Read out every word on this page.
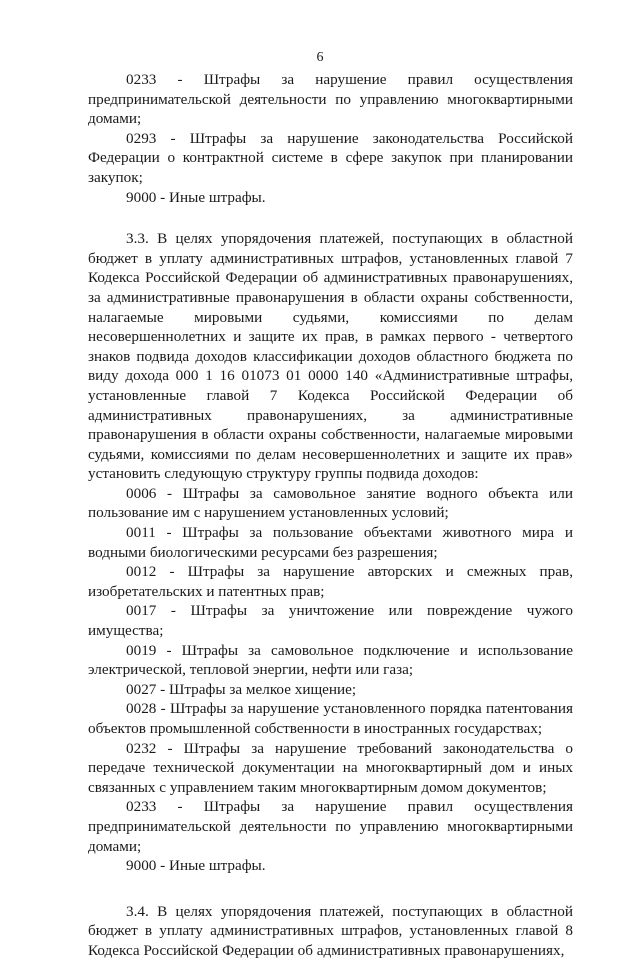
6

0233 - Штрафы за нарушение правил осуществления предпринимательской деятельности по управлению многоквартирными домами;

0293 - Штрафы за нарушение законодательства Российской Федерации о контрактной системе в сфере закупок при планировании закупок;

9000 - Иные штрафы.

3.3. В целях упорядочения платежей, поступающих в областной бюджет в уплату административных штрафов, установленных главой 7 Кодекса Российской Федерации об административных правонарушениях, за административные правонарушения в области охраны собственности, налагаемые мировыми судьями, комиссиями по делам несовершеннолетних и защите их прав, в рамках первого - четвертого знаков подвида доходов классификации доходов областного бюджета по виду дохода 000 1 16 01073 01 0000 140 «Административные штрафы, установленные главой 7 Кодекса Российской Федерации об административных правонарушениях, за административные правонарушения в области охраны собственности, налагаемые мировыми судьями, комиссиями по делам несовершеннолетних и защите их прав» установить следующую структуру группы подвида доходов:

0006 - Штрафы за самовольное занятие водного объекта или пользование им с нарушением установленных условий;

0011 - Штрафы за пользование объектами животного мира и водными биологическими ресурсами без разрешения;

0012 - Штрафы за нарушение авторских и смежных прав, изобретательских и патентных прав;

0017 - Штрафы за уничтожение или повреждение чужого имущества;

0019 - Штрафы за самовольное подключение и использование электрической, тепловой энергии, нефти или газа;

0027 - Штрафы за мелкое хищение;

0028 - Штрафы за нарушение установленного порядка патентования объектов промышленной собственности в иностранных государствах;

0232 - Штрафы за нарушение требований законодательства о передаче технической документации на многоквартирный дом и иных связанных с управлением таким многоквартирным домом документов;

0233 - Штрафы за нарушение правил осуществления предпринимательской деятельности по управлению многоквартирными домами;

9000 - Иные штрафы.

3.4. В целях упорядочения платежей, поступающих в областной бюджет в уплату административных штрафов, установленных главой 8 Кодекса Российской Федерации об административных правонарушениях,
